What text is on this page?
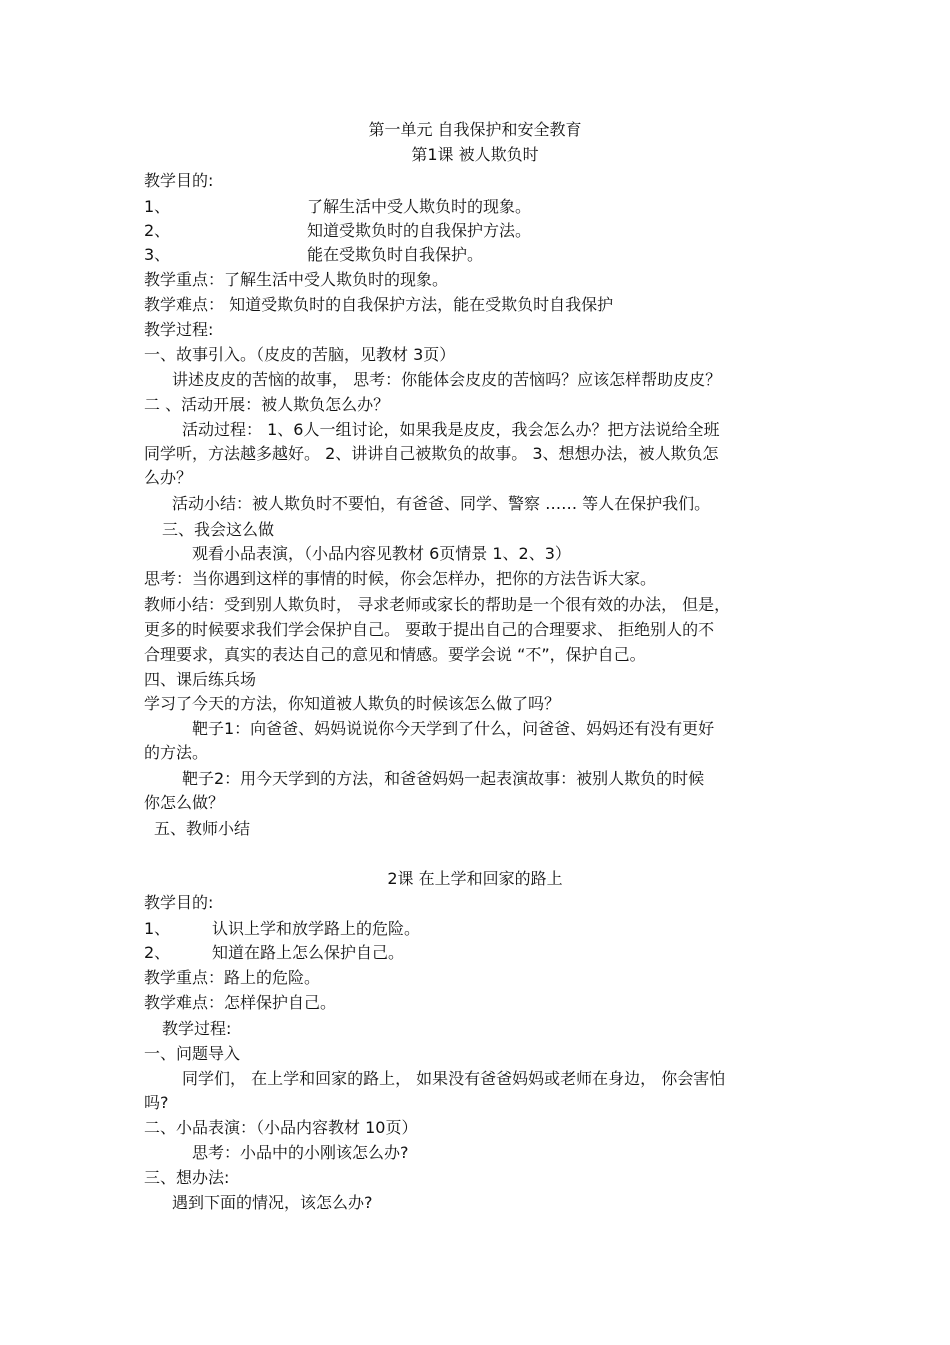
第一单元 自我保护和安全教育
第1课 被人欺负时
教学目的:
1、	了解生活中受人欺负时的现象。
2、	知道受欺负时的自我保护方法。
3、	能在受欺负时自我保护。
教学重点：了解生活中受人欺负时的现象。
教学难点： 知道受欺负时的自我保护方法，能在受欺负时自我保护
教学过程:
一、故事引入。（皮皮的苦脑，见教材 3页）
讲述皮皮的苦恼的故事， 思考：你能体会皮皮的苦恼吗？应该怎样帮助皮皮？
二 、活动开展：被人欺负怎么办？
活动过程： 1、6人一组讨论，如果我是皮皮，我会怎么办？把方法说给全班
同学听，方法越多越好。 2、讲讲自己被欺负的故事。 3、想想办法，被人欺负怎
么办？
活动小结：被人欺负时不要怕，有爸爸、同学、警察 …… 等人在保护我们。
三、我会这么做
观看小品表演，（小品内容见教材 6页情景 1、2、3）
思考：当你遇到这样的事情的时候，你会怎样办，把你的方法告诉大家。
教师小结：受到别人欺负时， 寻求老师或家长的帮助是一个很有效的办法， 但是，
更多的时候要求我们学会保护自己。 要敢于提出自己的合理要求、 拒绝别人的不
合理要求，真实的表达自己的意见和情感。要学会说 “不”，保护自己。
四、课后练兵场
学习了今天的方法，你知道被人欺负的时候该怎么做了吗？
靶子1：向爸爸、妈妈说说你今天学到了什么，问爸爸、妈妈还有没有更好
的方法。
靶子2：用今天学到的方法，和爸爸妈妈一起表演故事：被别人欺负的时候
你怎么做？
五、教师小结
2课 在上学和回家的路上
教学目的:
1、	认识上学和放学路上的危险。
2、	知道在路上怎么保护自己。
教学重点：路上的危险。
教学难点：怎样保护自己。
教学过程:
一、问题导入
同学们， 在上学和回家的路上， 如果没有爸爸妈妈或老师在身边， 你会害怕
吗?
二、小品表演：（小品内容教材 10页）
思考：小品中的小刚该怎么办?
三、想办法:
遇到下面的情况，该怎么办?
